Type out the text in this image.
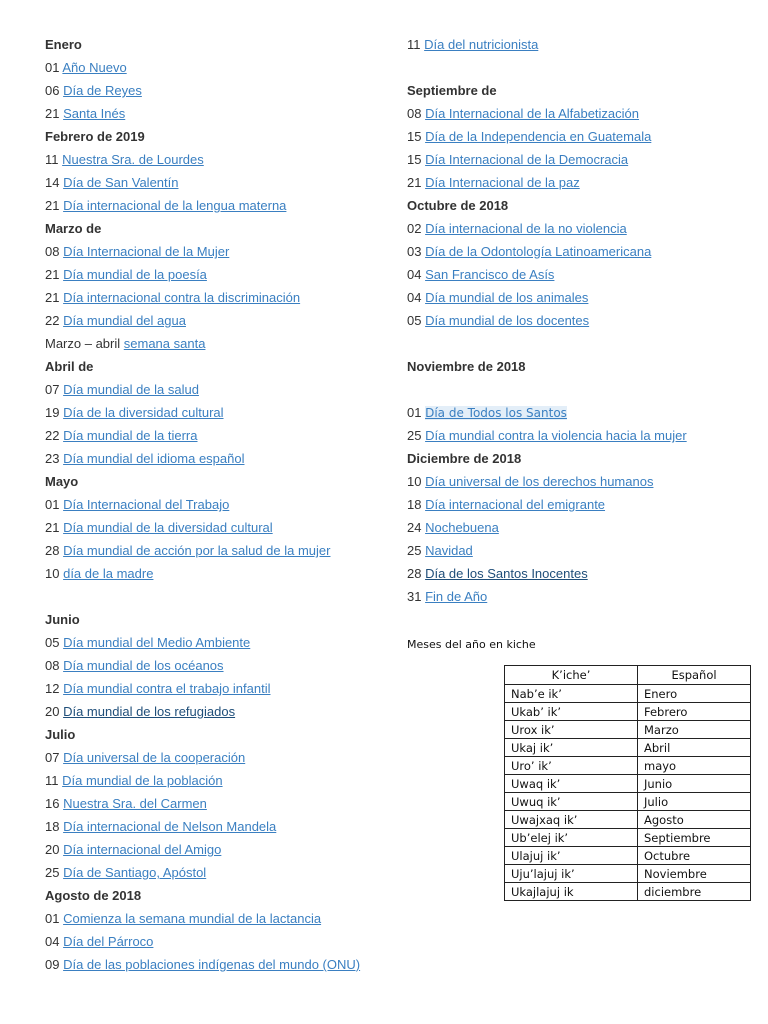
Enero
01 Año Nuevo
06 Día de Reyes
21 Santa Inés
Febrero de 2019
11 Nuestra Sra. de Lourdes
14 Día de San Valentín
21 Día internacional de la lengua materna
Marzo de
08 Día Internacional de la Mujer
21 Día mundial de la poesía
21 Día internacional contra la discriminación
22 Día mundial del agua
Marzo – abril semana santa
Abril de
07 Día mundial de la salud
19 Día de la diversidad cultural
22 Día mundial de la tierra
23 Día mundial del idioma español
Mayo
01 Día Internacional del Trabajo
21 Día mundial de la diversidad cultural
28 Día mundial de acción por la salud de la mujer
10 día de la madre
Junio
05 Día mundial del Medio Ambiente
08 Día mundial de los océanos
12 Día mundial contra el trabajo infantil
20 Día mundial de los refugiados
Julio
07 Día universal de la cooperación
11 Día mundial de la población
16 Nuestra Sra. del Carmen
18 Día internacional de Nelson Mandela
20 Día internacional del Amigo
25 Día de Santiago, Apóstol
Agosto de 2018
01 Comienza la semana mundial de la lactancia
04 Día del Párroco
09 Día de las poblaciones indígenas del mundo (ONU)
11 Día del nutricionista
Septiembre de
08 Día Internacional de la Alfabetización
15 Día de la Independencia en Guatemala
15 Día Internacional de la Democracia
21 Día Internacional de la paz
Octubre de 2018
02 Día internacional de la no violencia
03 Día de la Odontología Latinoamericana
04 San Francisco de Asís
04 Día mundial de los animales
05 Día mundial de los docentes
Noviembre de 2018
01 Día de Todos los Santos
25 Día mundial contra la violencia hacia la mujer
Diciembre de 2018
10 Día universal de los derechos humanos
18 Día internacional del emigrante
24 Nochebuena
25 Navidad
28 Día de los Santos Inocentes
31 Fin de Año
Meses del año en kiche
K’iche’	Español
Nab’e ik’	Enero
Ukab’ ik’	Febrero
Urox ik’	Marzo
Ukaj ik’	Abril
Uro’ ik’	mayo
Uwaq ik’	Junio
Uwuq ik’	Julio
Uwajxaq ik’	Agosto
Ub’elej ik’	Septiembre
Ulajuj ik’	Octubre
Uju’lajuj ik’	Noviembre
Ukajlajuj ik	diciembre
